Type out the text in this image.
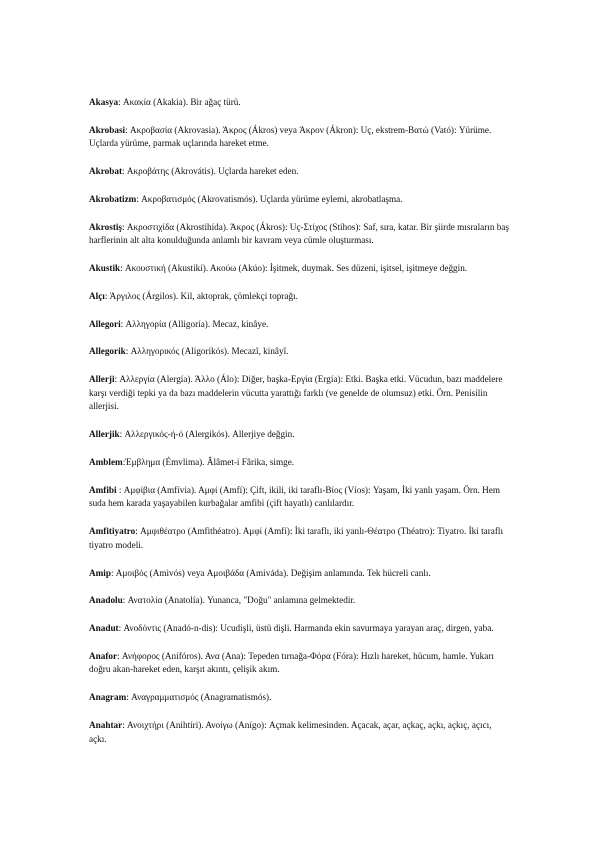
Akasya: Ακακία (Akakia). Bir ağaç türü.

Akrobasi: Ακροβασία (Akrovasia). Άκρος (Ákros) veya Άκρον (Ákron): Uç, ekstrem-Βατώ (Vató): Yürüme. Uçlarda yürüme, parmak uçlarında hareket etme.

Akrobat: Ακροβάτης (Akrovátis). Uçlarda hareket eden.

Akrobatizm: Ακροβατισμός (Akrovatismós). Uçlarda yürüme eylemi, akrobatlaşma.

Akrostiş: Ακροστιχίδα (Akrostihída). Άκρος (Ákros): Uç-Στίχος (Stíhos): Saf, sıra, katar. Bir şiirde mısraların baş harflerinin alt alta konulduğunda anlamlı bir kavram veya cümle oluşturması.

Akustik: Ακουστική (Akustikí). Ακούω (Akúo): İşitmek, duymak. Ses düzeni, işitsel, işitmeye değgin.

Alçı: Άργιλος (Árgilos). Kil, aktoprak, çömlekçi toprağı.

Allegori: Αλληγορία (Alligoría). Mecaz, kinâye.

Allegorik: Αλληγορικός (Aligorikós). Mecazî, kinâyî.

Allerji: Αλλεργία (Alergía). Άλλο (Álo): Diğer, başka-Εργία (Ergía): Etki. Başka etki. Vücudun, bazı maddelere karşı verdiği tepki ya da bazı maddelerin vücutta yarattığı farklı (ve genelde de olumsuz) etki. Örn. Penisilin allerjisi.

Allerjik: Αλλεργικός-ή-ό (Alergikós). Allerjiye değgin.

Amblem:Έμβλημα (Émvlima). Âlâmet-i Fârika, simge.

Amfibi : Αμφίβια (Amfívia). Αμφί (Amfí): Çift, ikili, iki taraflı-Βίος (Víos): Yaşam, İki yanlı yaşam. Örn. Hem suda hem karada yaşayabilen kurbağalar amfibi (çift hayatlı) canlılardır.

Amfitiyatro: Αμφιθέατρο (Amfithéatro). Αμφί (Amfí): İki taraflı, iki yanlı-Θέατρο (Théatro): Tiyatro. İki taraflı tiyatro modeli.

Amip: Αμοιβός (Amivós) veya Αμοιβάδα (Amiváda). Değişim anlamında. Tek hücreli canlı.

Anadolu: Ανατολία (Anatolía). Yunanca, "Doğu" anlamına gelmektedir.

Anadut: Ανοδόντις (Anadó-n-dis): Ucudişli, üstü dişli. Harmanda ekin savurmaya yarayan araç, dirgen, yaba.

Anafor: Ανήφορος (Anífóros). Ανα (Ana): Tepeden tırnağa-Φόρα (Fóra): Hızlı hareket, hücum, hamle. Yukarı doğru akan-hareket eden, karşıt akıntı, çelişik akım.

Anagram: Αναγραμματισμός (Anagramatismós).

Anahtar: Ανοιχτήρι (Anihtíri). Ανοίγω (Anígo): Açmak kelimesinden. Açacak, açar, açkaç, açkı, açkıç, açıcı, açkı.
